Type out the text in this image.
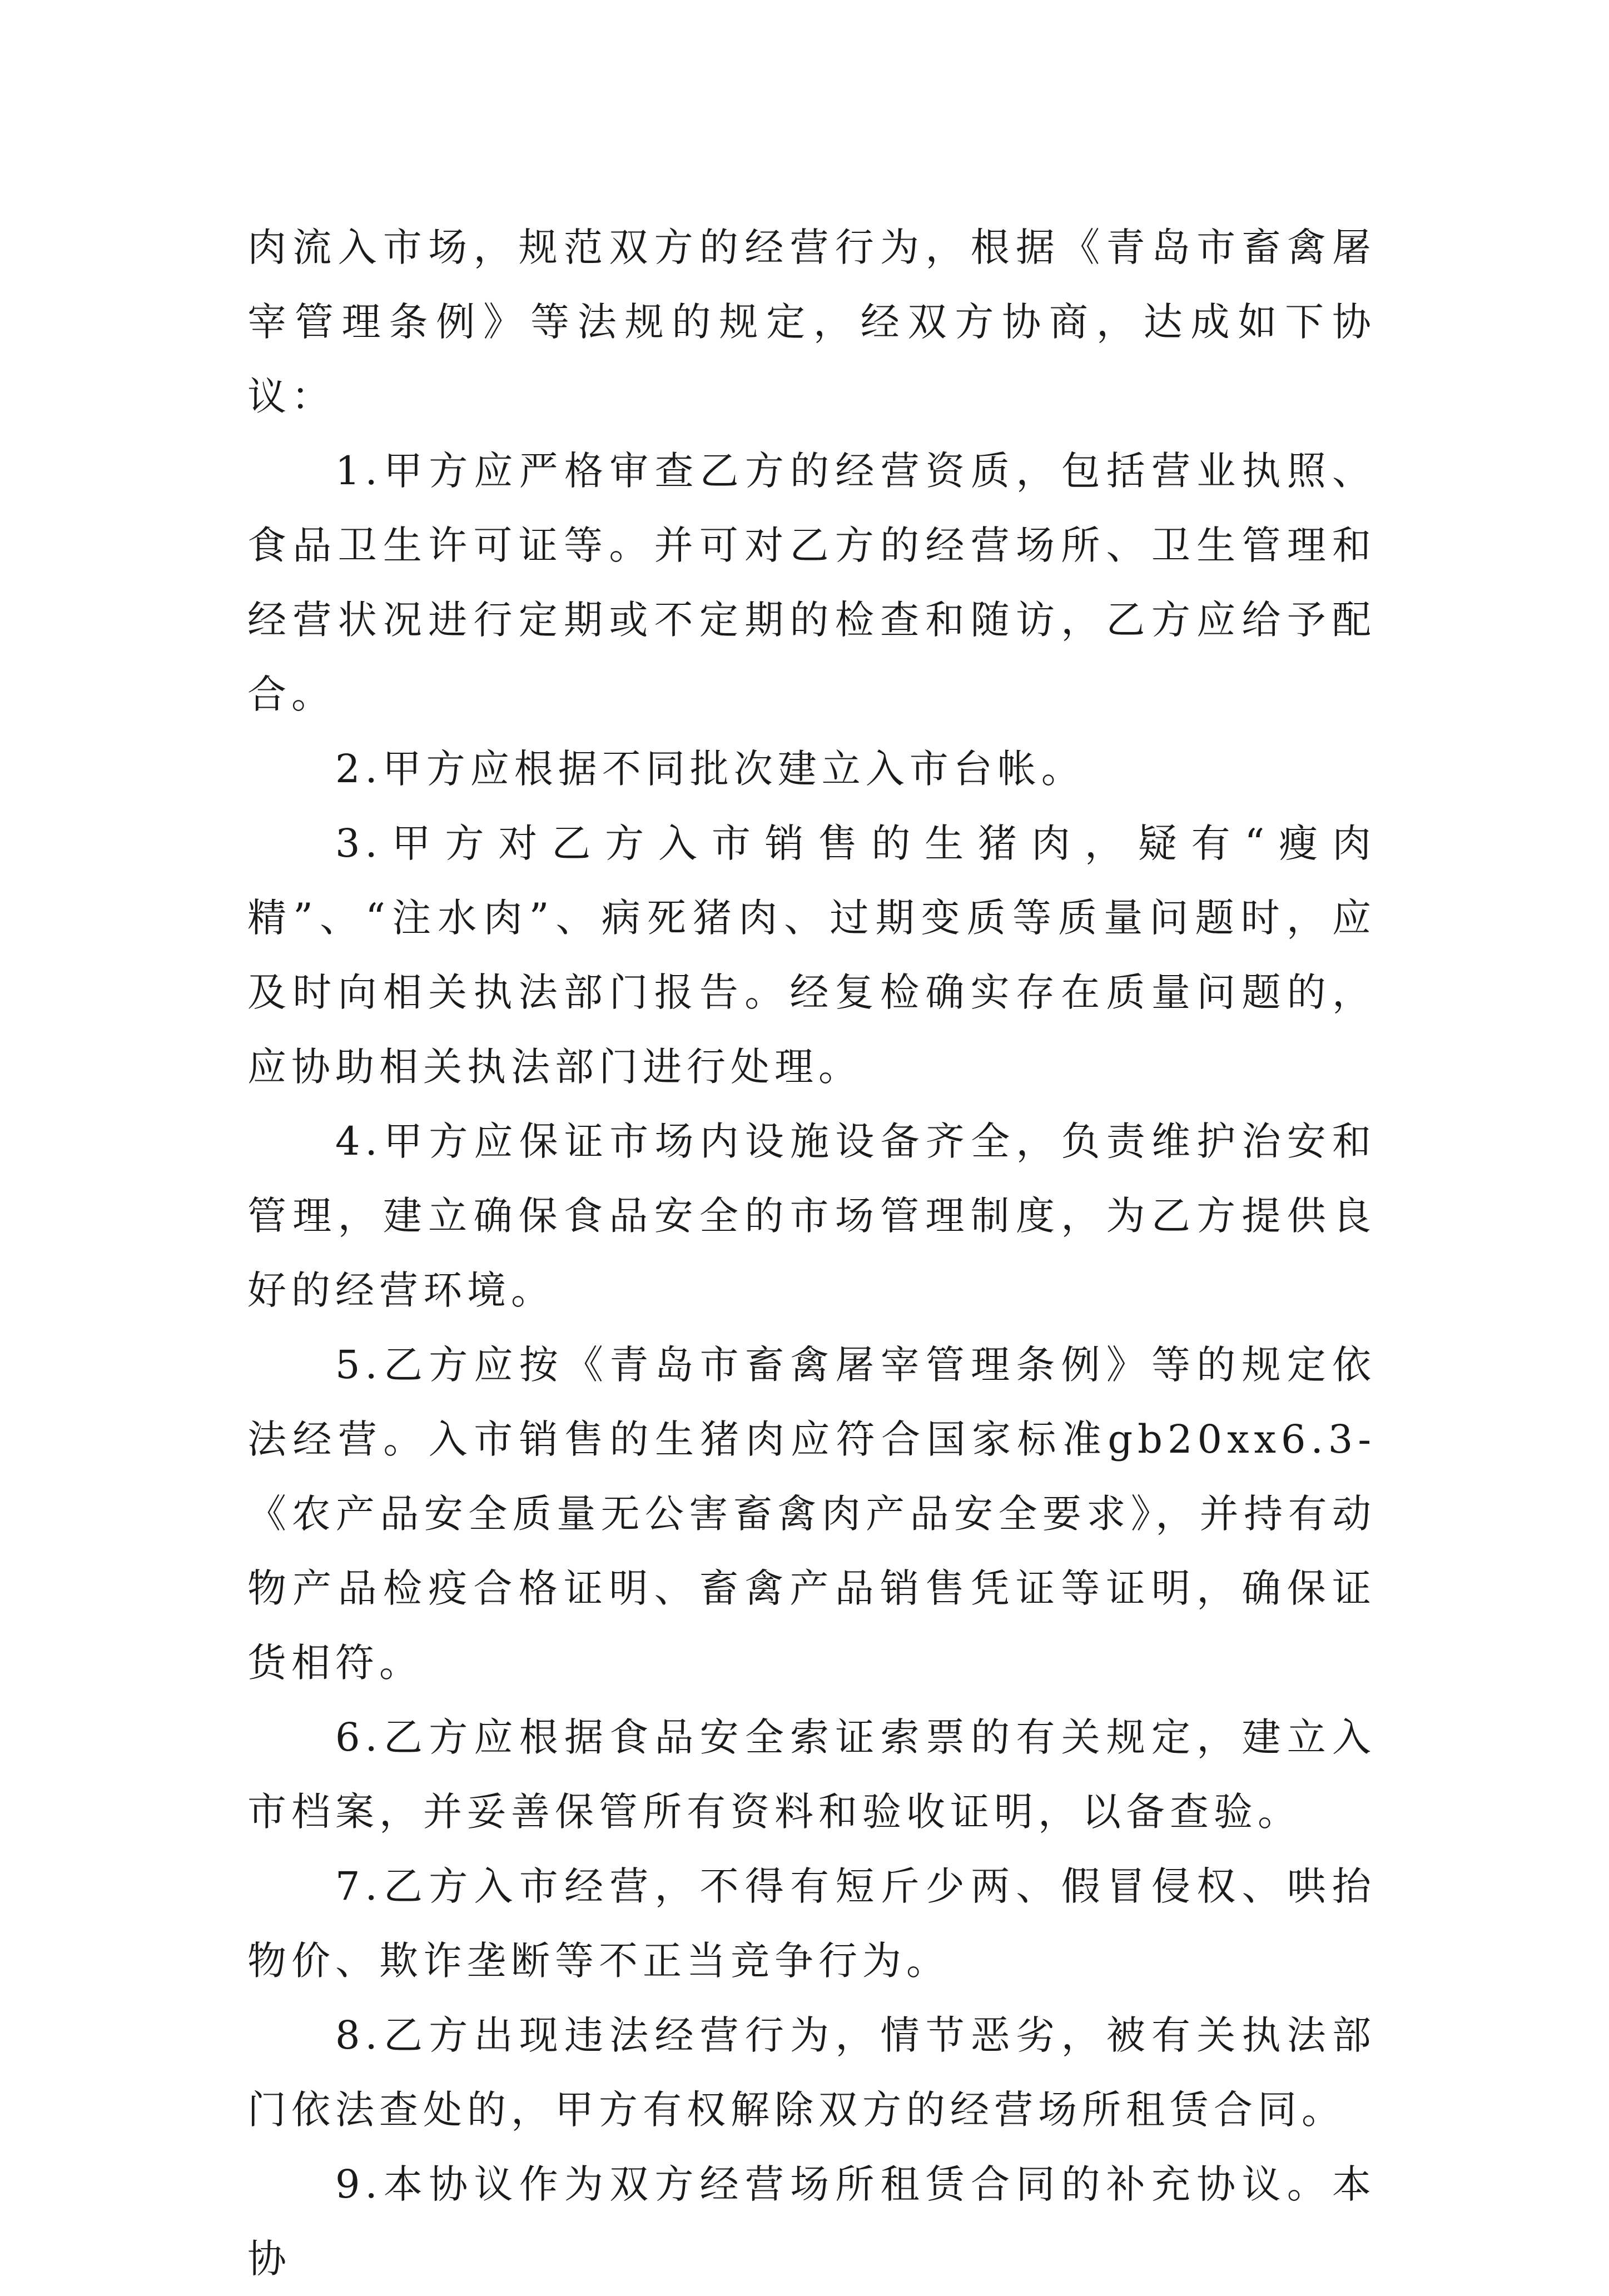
肉流入市场，规范双方的经营行为，根据《青岛市畜禽屠宰管理条例》等法规的规定，经双方协商，达成如下协议：

1.甲方应严格审查乙方的经营资质，包括营业执照、食品卫生许可证等。并可对乙方的经营场所、卫生管理和经营状况进行定期或不定期的检查和随访，乙方应给予配合。

2.甲方应根据不同批次建立入市台帐。

3.甲方对乙方入市销售的生猪肉，疑有“瘦肉精”、“注水肉”、病死猪肉、过期变质等质量问题时，应及时向相关执法部门报告。经复检确实存在质量问题的，应协助相关执法部门进行处理。

4.甲方应保证市场内设施设备齐全，负责维护治安和管理，建立确保食品安全的市场管理制度，为乙方提供良好的经营环境。

5.乙方应按《青岛市畜禽屠宰管理条例》等的规定依法经营。入市销售的生猪肉应符合国家标准gb20xx6.3-《农产品安全质量无公害畜禽肉产品安全要求》，并持有动物产品检疫合格证明、畜禽产品销售凭证等证明，确保证货相符。

6.乙方应根据食品安全索证索票的有关规定，建立入市档案，并妥善保管所有资料和验收证明，以备查验。

7.乙方入市经营，不得有短斤少两、假冒侵权、哄抬物价、欺诈垄断等不正当竞争行为。

8.乙方出现违法经营行为，情节恶劣，被有关执法部门依法查处的，甲方有权解除双方的经营场所租赁合同。

9.本协议作为双方经营场所租赁合同的补充协议。本协
